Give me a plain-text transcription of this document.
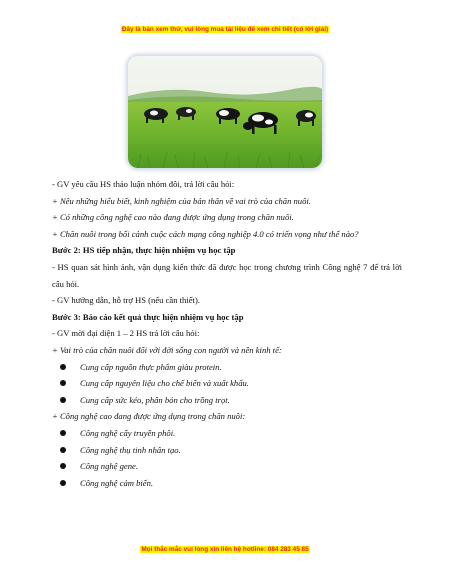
Đây là bản xem thử, vui lòng mua tài liệu để xem chi tiết (có lời giải)

- GV yêu cầu HS thảo luận nhóm đôi, trả lời câu hỏi:

+ Nêu những hiểu biết, kinh nghiệm của bản thân về vai trò của chăn nuôi.

+ Có những công nghệ cao nào đang được ứng dụng trong chăn nuôi.

+ Chăn nuôi trong bối cảnh cuộc cách mạng công nghiệp 4.0 có triển vọng như thế nào?

Bước 2: HS tiếp nhận, thực hiện nhiệm vụ học tập

- HS quan sát hình ảnh, vận dụng kiến thức đã được học trong chương trình Công nghệ 7 để trả lời câu hỏi.

- GV hướng dẫn, hỗ trợ HS (nếu cần thiết).

Bước 3: Báo cáo kết quả thực hiện nhiệm vụ học tập

- GV mời đại diện 1 – 2 HS trả lời câu hỏi:

+ Vai trò của chăn nuôi đối với đời sống con người và nền kinh tế:

Cung cấp nguồn thực phẩm giàu protein.

Cung cấp nguyên liệu cho chế biến và xuất khẩu.

Cung cấp sức kéo, phân bón cho trồng trọt.

+ Công nghệ cao đang được ứng dụng trong chăn nuôi:

Công nghệ cấy truyền phôi.

Công nghệ thụ tinh nhân tạo.

Công nghệ gene.

Công nghệ cảm biến.

Mọi thắc mắc vui lòng xin liên hệ hotline: 084 283 45 85
